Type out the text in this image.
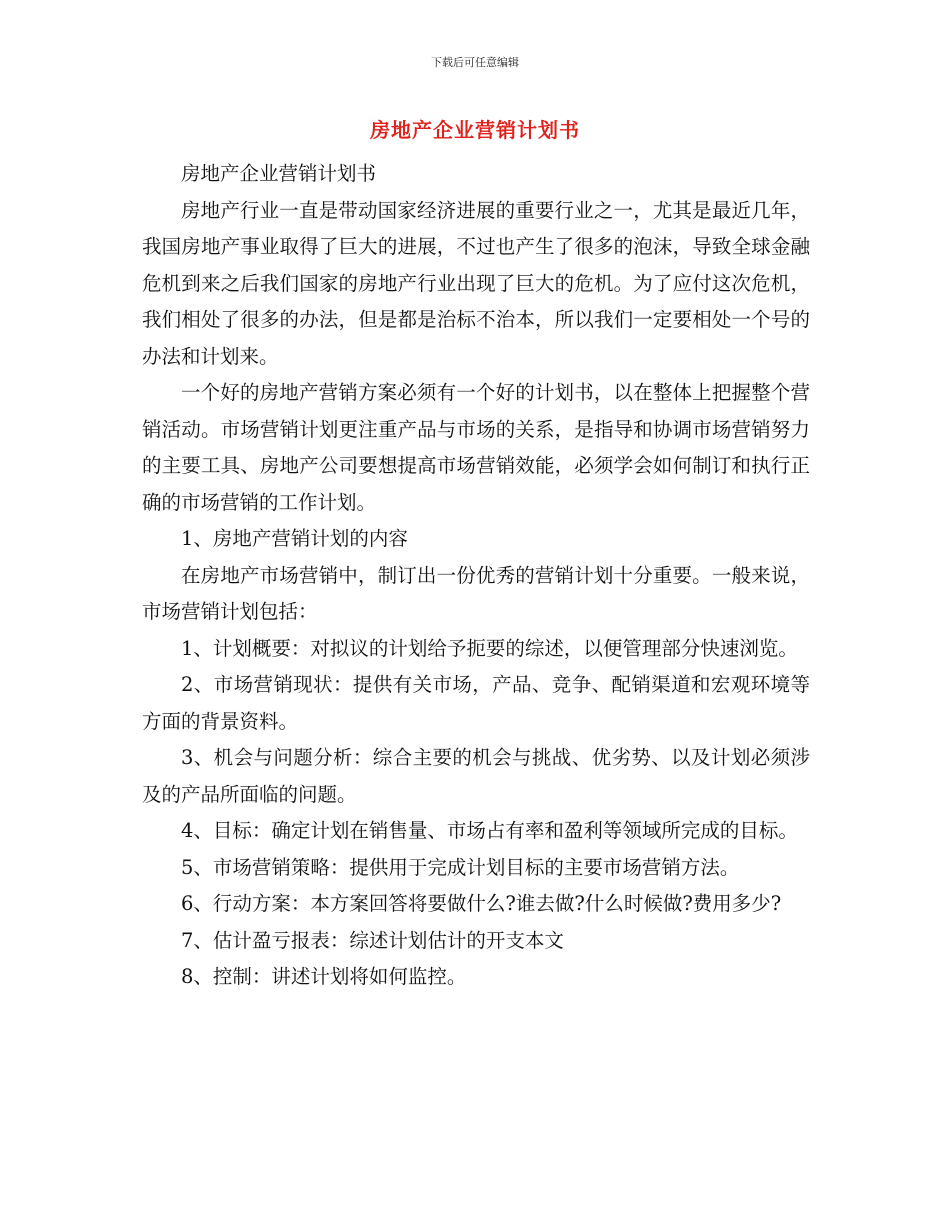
下载后可任意编辑
房地产企业营销计划书

房地产企业营销计划书

房地产行业一直是带动国家经济进展的重要行业之一，尤其是最近几年，我国房地产事业取得了巨大的进展，不过也产生了很多的泡沫，导致全球金融危机到来之后我们国家的房地产行业出现了巨大的危机。为了应付这次危机，我们相处了很多的办法，但是都是治标不治本，所以我们一定要相处一个号的办法和计划来。

一个好的房地产营销方案必须有一个好的计划书，以在整体上把握整个营销活动。市场营销计划更注重产品与市场的关系，是指导和协调市场营销努力的主要工具、房地产公司要想提高市场营销效能，必须学会如何制订和执行正确的市场营销的工作计划。

1、房地产营销计划的内容

在房地产市场营销中，制订出一份优秀的营销计划十分重要。一般来说，市场营销计划包括：

1、计划概要：对拟议的计划给予扼要的综述，以便管理部分快速浏览。

2、市场营销现状：提供有关市场，产品、竞争、配销渠道和宏观环境等方面的背景资料。

3、机会与问题分析：综合主要的机会与挑战、优劣势、以及计划必须涉及的产品所面临的问题。

4、目标：确定计划在销售量、市场占有率和盈利等领域所完成的目标。

5、市场营销策略：提供用于完成计划目标的主要市场营销方法。

6、行动方案：本方案回答将要做什么?谁去做?什么时候做?费用多少?

7、估计盈亏报表：综述计划估计的开支本文

8、控制：讲述计划将如何监控。
